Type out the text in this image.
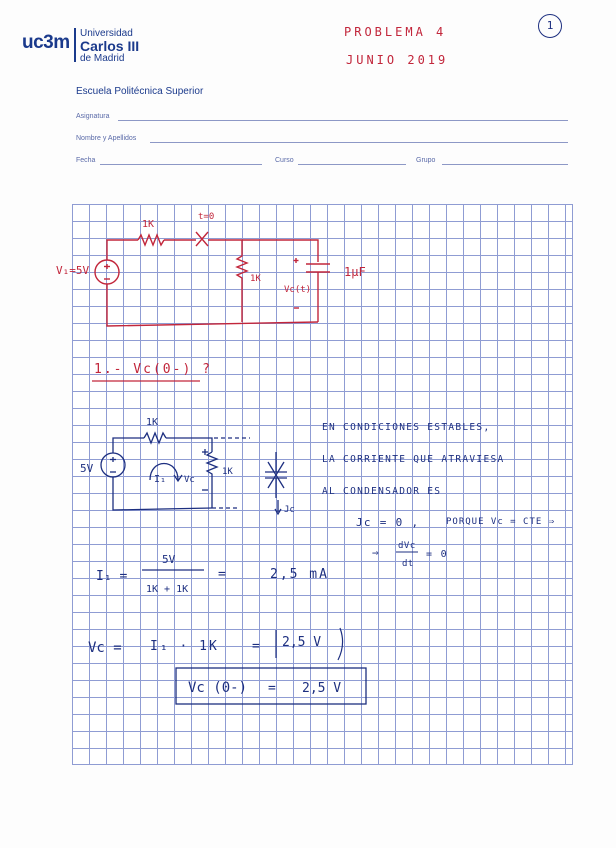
uc3m Universidad
Carlos III
de Madrid
Escuela Politécnica Superior
Asignatura
Nombre y Apellidos
Fecha	Curso	Grupo
PROBLEMA 4
JUNIO 2019
1
1K
t=0
V₁=5V
1K
Vc(t)
1μF
1.- Vc(0-) ?
1K
5V
I₁ Vc
1K
Jc
EN CONDICIONES ESTABLES,
LA CORRIENTE QUE ATRAVIESA
AL CONDENSADOR ES
Jc = 0 ,	PORQUE Vc = CTE ⇒
⇒ dVc
dt
= 0
I₁ =
5V
1K + 1K
=	2,5 mA
Vc = I₁ · 1K	= 2,5 V
Vc (0-) = 2,5 V
